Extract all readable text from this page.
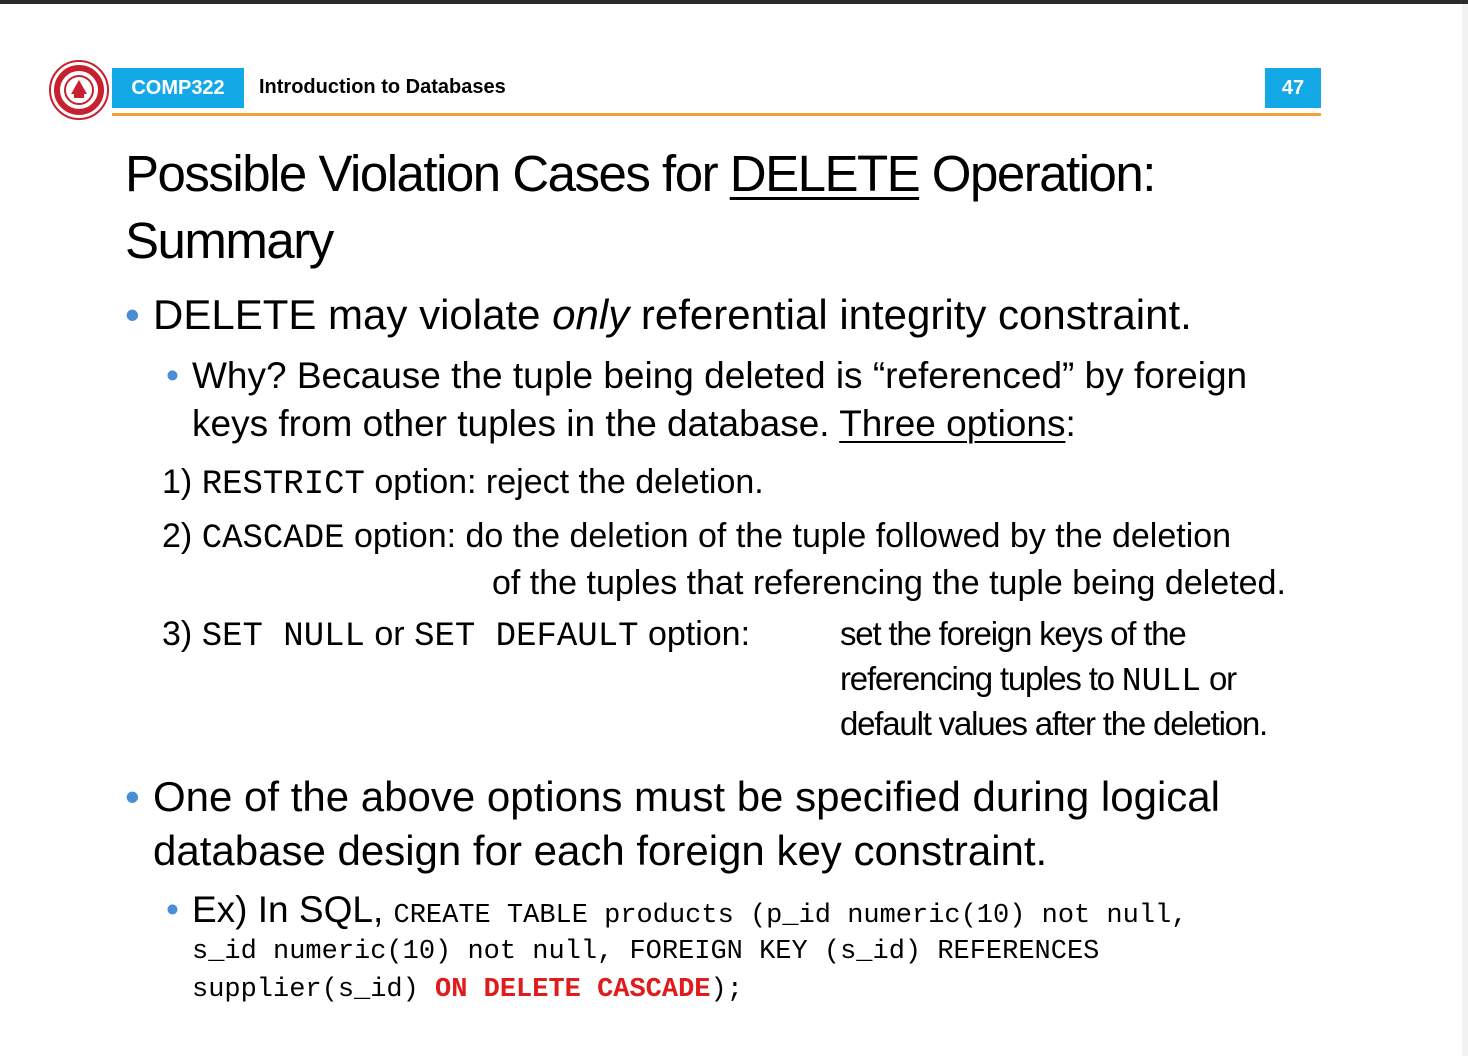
COMP322	Introduction to Databases	47
Possible Violation Cases for DELETE Operation:
Summary
• DELETE may violate only referential integrity constraint.
• Why? Because the tuple being deleted is “referenced” by foreign
keys from other tuples in the database. Three options:
1) RESTRICT option: reject the deletion.
2) CASCADE option: do the deletion of the tuple followed by the deletion
of the tuples that referencing the tuple being deleted.
3) SET NULL or SET DEFAULT option:	set the foreign keys of the
referencing tuples to NULL or
default values after the deletion.
• One of the above options must be specified during logical
database design for each foreign key constraint.
• Ex) In SQL, CREATE TABLE products (p_id numeric(10) not null,
s_id numeric(10) not null, FOREIGN KEY (s_id) REFERENCES
supplier(s_id) ON DELETE CASCADE);
